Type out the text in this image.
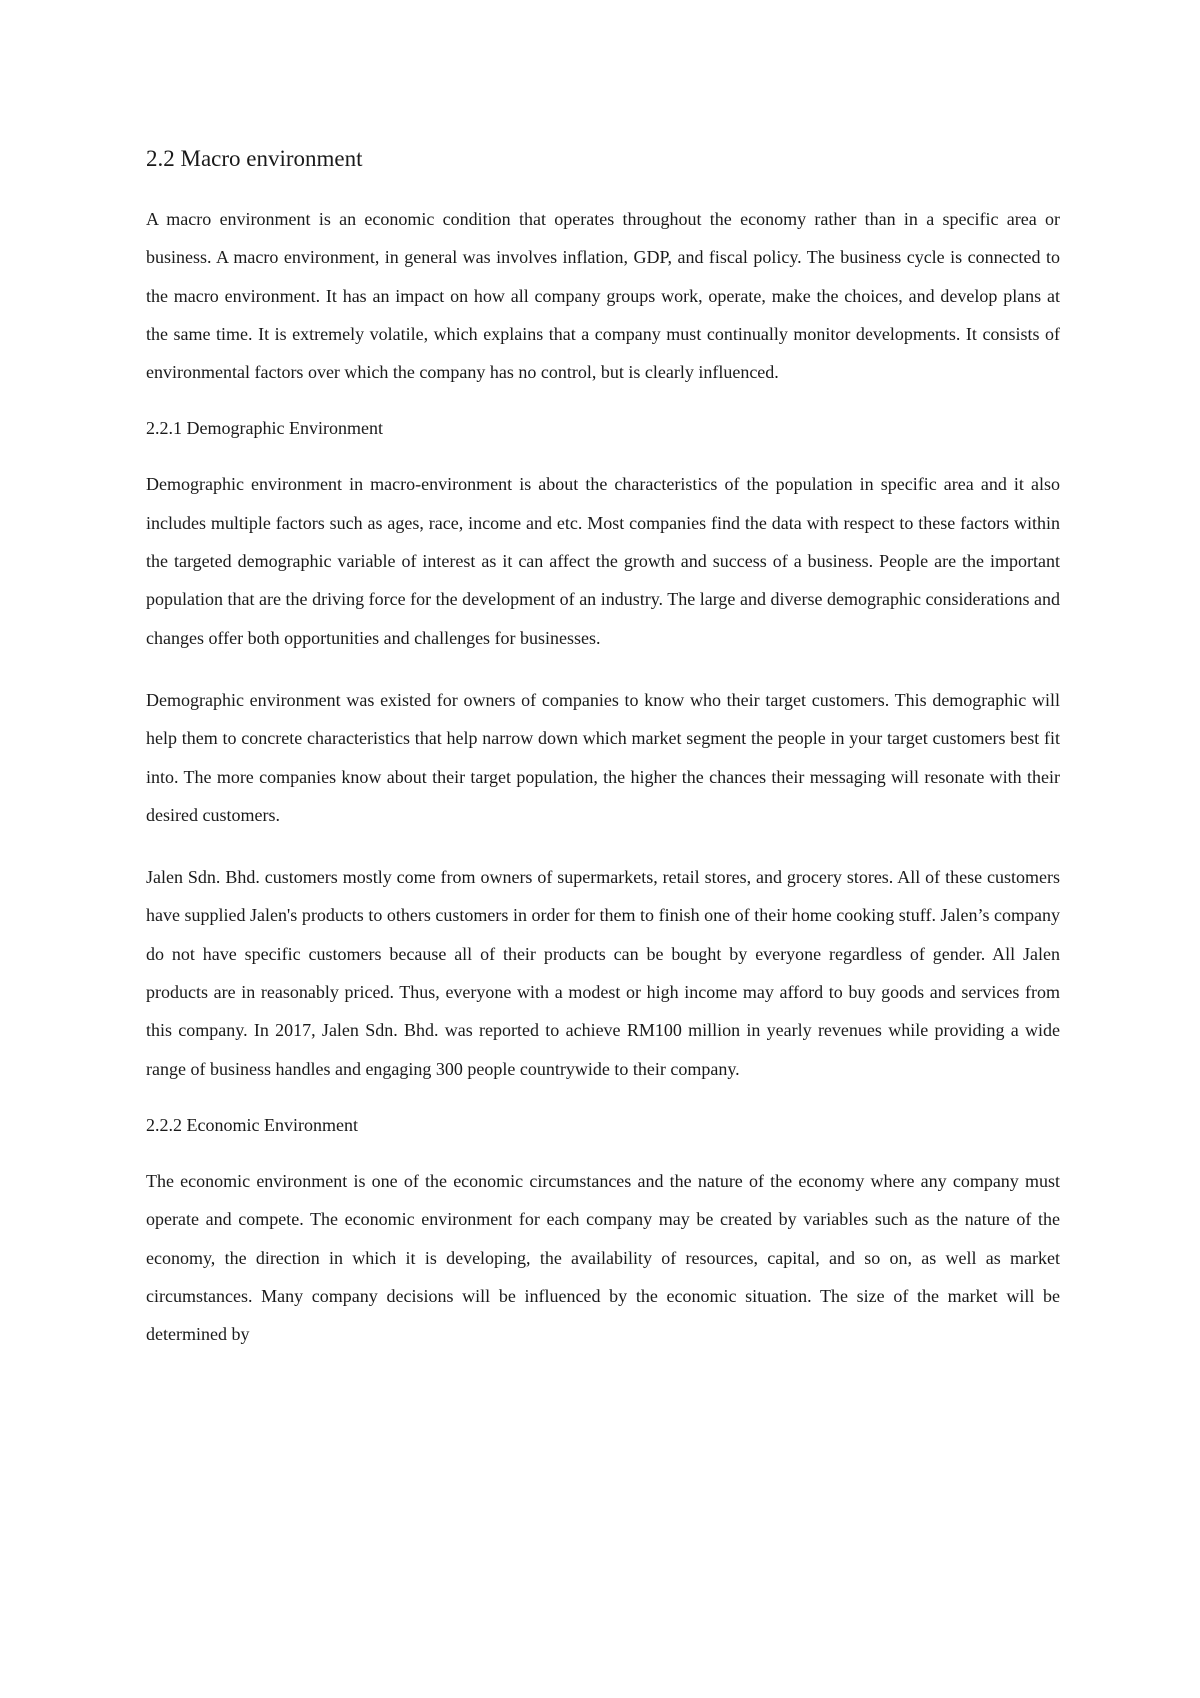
2.2 Macro environment

A macro environment is an economic condition that operates throughout the economy rather than in a specific area or business. A macro environment, in general was involves inflation, GDP, and fiscal policy. The business cycle is connected to the macro environment. It has an impact on how all company groups work, operate, make the choices, and develop plans at the same time. It is extremely volatile, which explains that a company must continually monitor developments. It consists of environmental factors over which the company has no control, but is clearly influenced.

2.2.1 Demographic Environment

Demographic environment in macro-environment is about the characteristics of the population in specific area and it also includes multiple factors such as ages, race, income and etc. Most companies find the data with respect to these factors within the targeted demographic variable of interest as it can affect the growth and success of a business. People are the important population that are the driving force for the development of an industry. The large and diverse demographic considerations and changes offer both opportunities and challenges for businesses.

Demographic environment was existed for owners of companies to know who their target customers. This demographic will help them to concrete characteristics that help narrow down which market segment the people in your target customers best fit into. The more companies know about their target population, the higher the chances their messaging will resonate with their desired customers.

Jalen Sdn. Bhd. customers mostly come from owners of supermarkets, retail stores, and grocery stores. All of these customers have supplied Jalen's products to others customers in order for them to finish one of their home cooking stuff. Jalen’s company do not have specific customers because all of their products can be bought by everyone regardless of gender. All Jalen products are in reasonably priced. Thus, everyone with a modest or high income may afford to buy goods and services from this company. In 2017, Jalen Sdn. Bhd. was reported to achieve RM100 million in yearly revenues while providing a wide range of business handles and engaging 300 people countrywide to their company.

2.2.2 Economic Environment

The economic environment is one of the economic circumstances and the nature of the economy where any company must operate and compete. The economic environment for each company may be created by variables such as the nature of the economy, the direction in which it is developing, the availability of resources, capital, and so on, as well as market circumstances. Many company decisions will be influenced by the economic situation. The size of the market will be determined by
